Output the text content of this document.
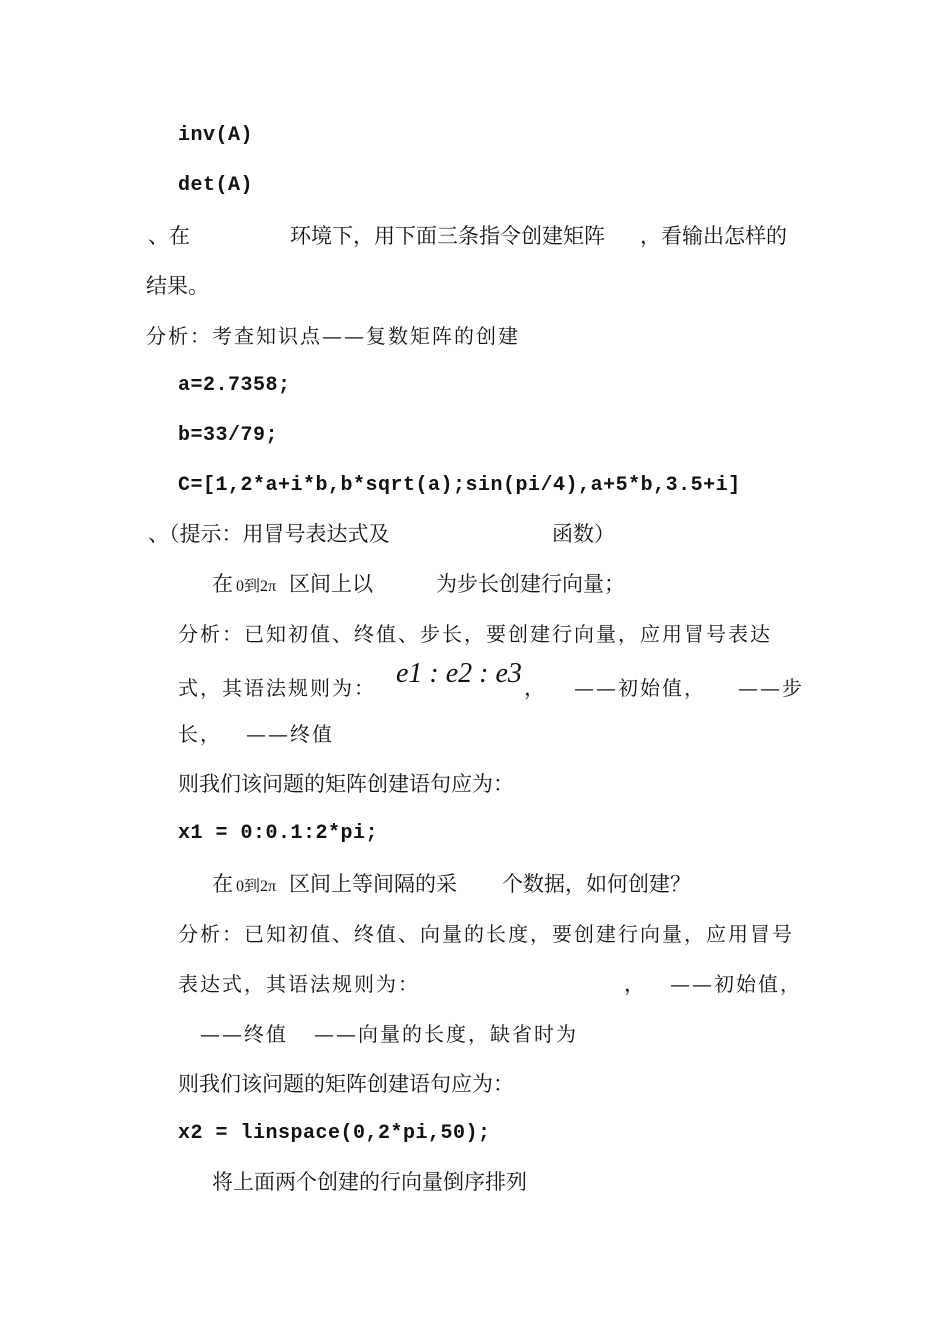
inv(A)
det(A)
、在	环境下，用下面三条指令创建矩阵 ，看输出怎样的
结果。
分析：考查知识点——复数矩阵的创建
a=2.7358;
b=33/79;
C=[1,2*a+i*b,b*sqrt(a);sin(pi/4),a+5*b,3.5+i]
、（提示：用冒号表达式及	函数）
在 0到2π 区间上以	为步长创建行向量；
分析：已知初值、终值、步长，要创建行向量，应用冒号表达
式，其语法规则为： e1 : e2 : e3 ， ——初始值， ——步
长， ——终值
则我们该问题的矩阵创建语句应为：
x1 = 0:0.1:2*pi;
在 0到2π 区间上等间隔的采 个数据，如何创建？
分析：已知初值、终值、向量的长度，要创建行向量，应用冒号
表达式，其语法规则为：	， ——初始值，
——终值 ——向量的长度，缺省时为
则我们该问题的矩阵创建语句应为：
x2 = linspace(0,2*pi,50);
将上面两个创建的行向量倒序排列
